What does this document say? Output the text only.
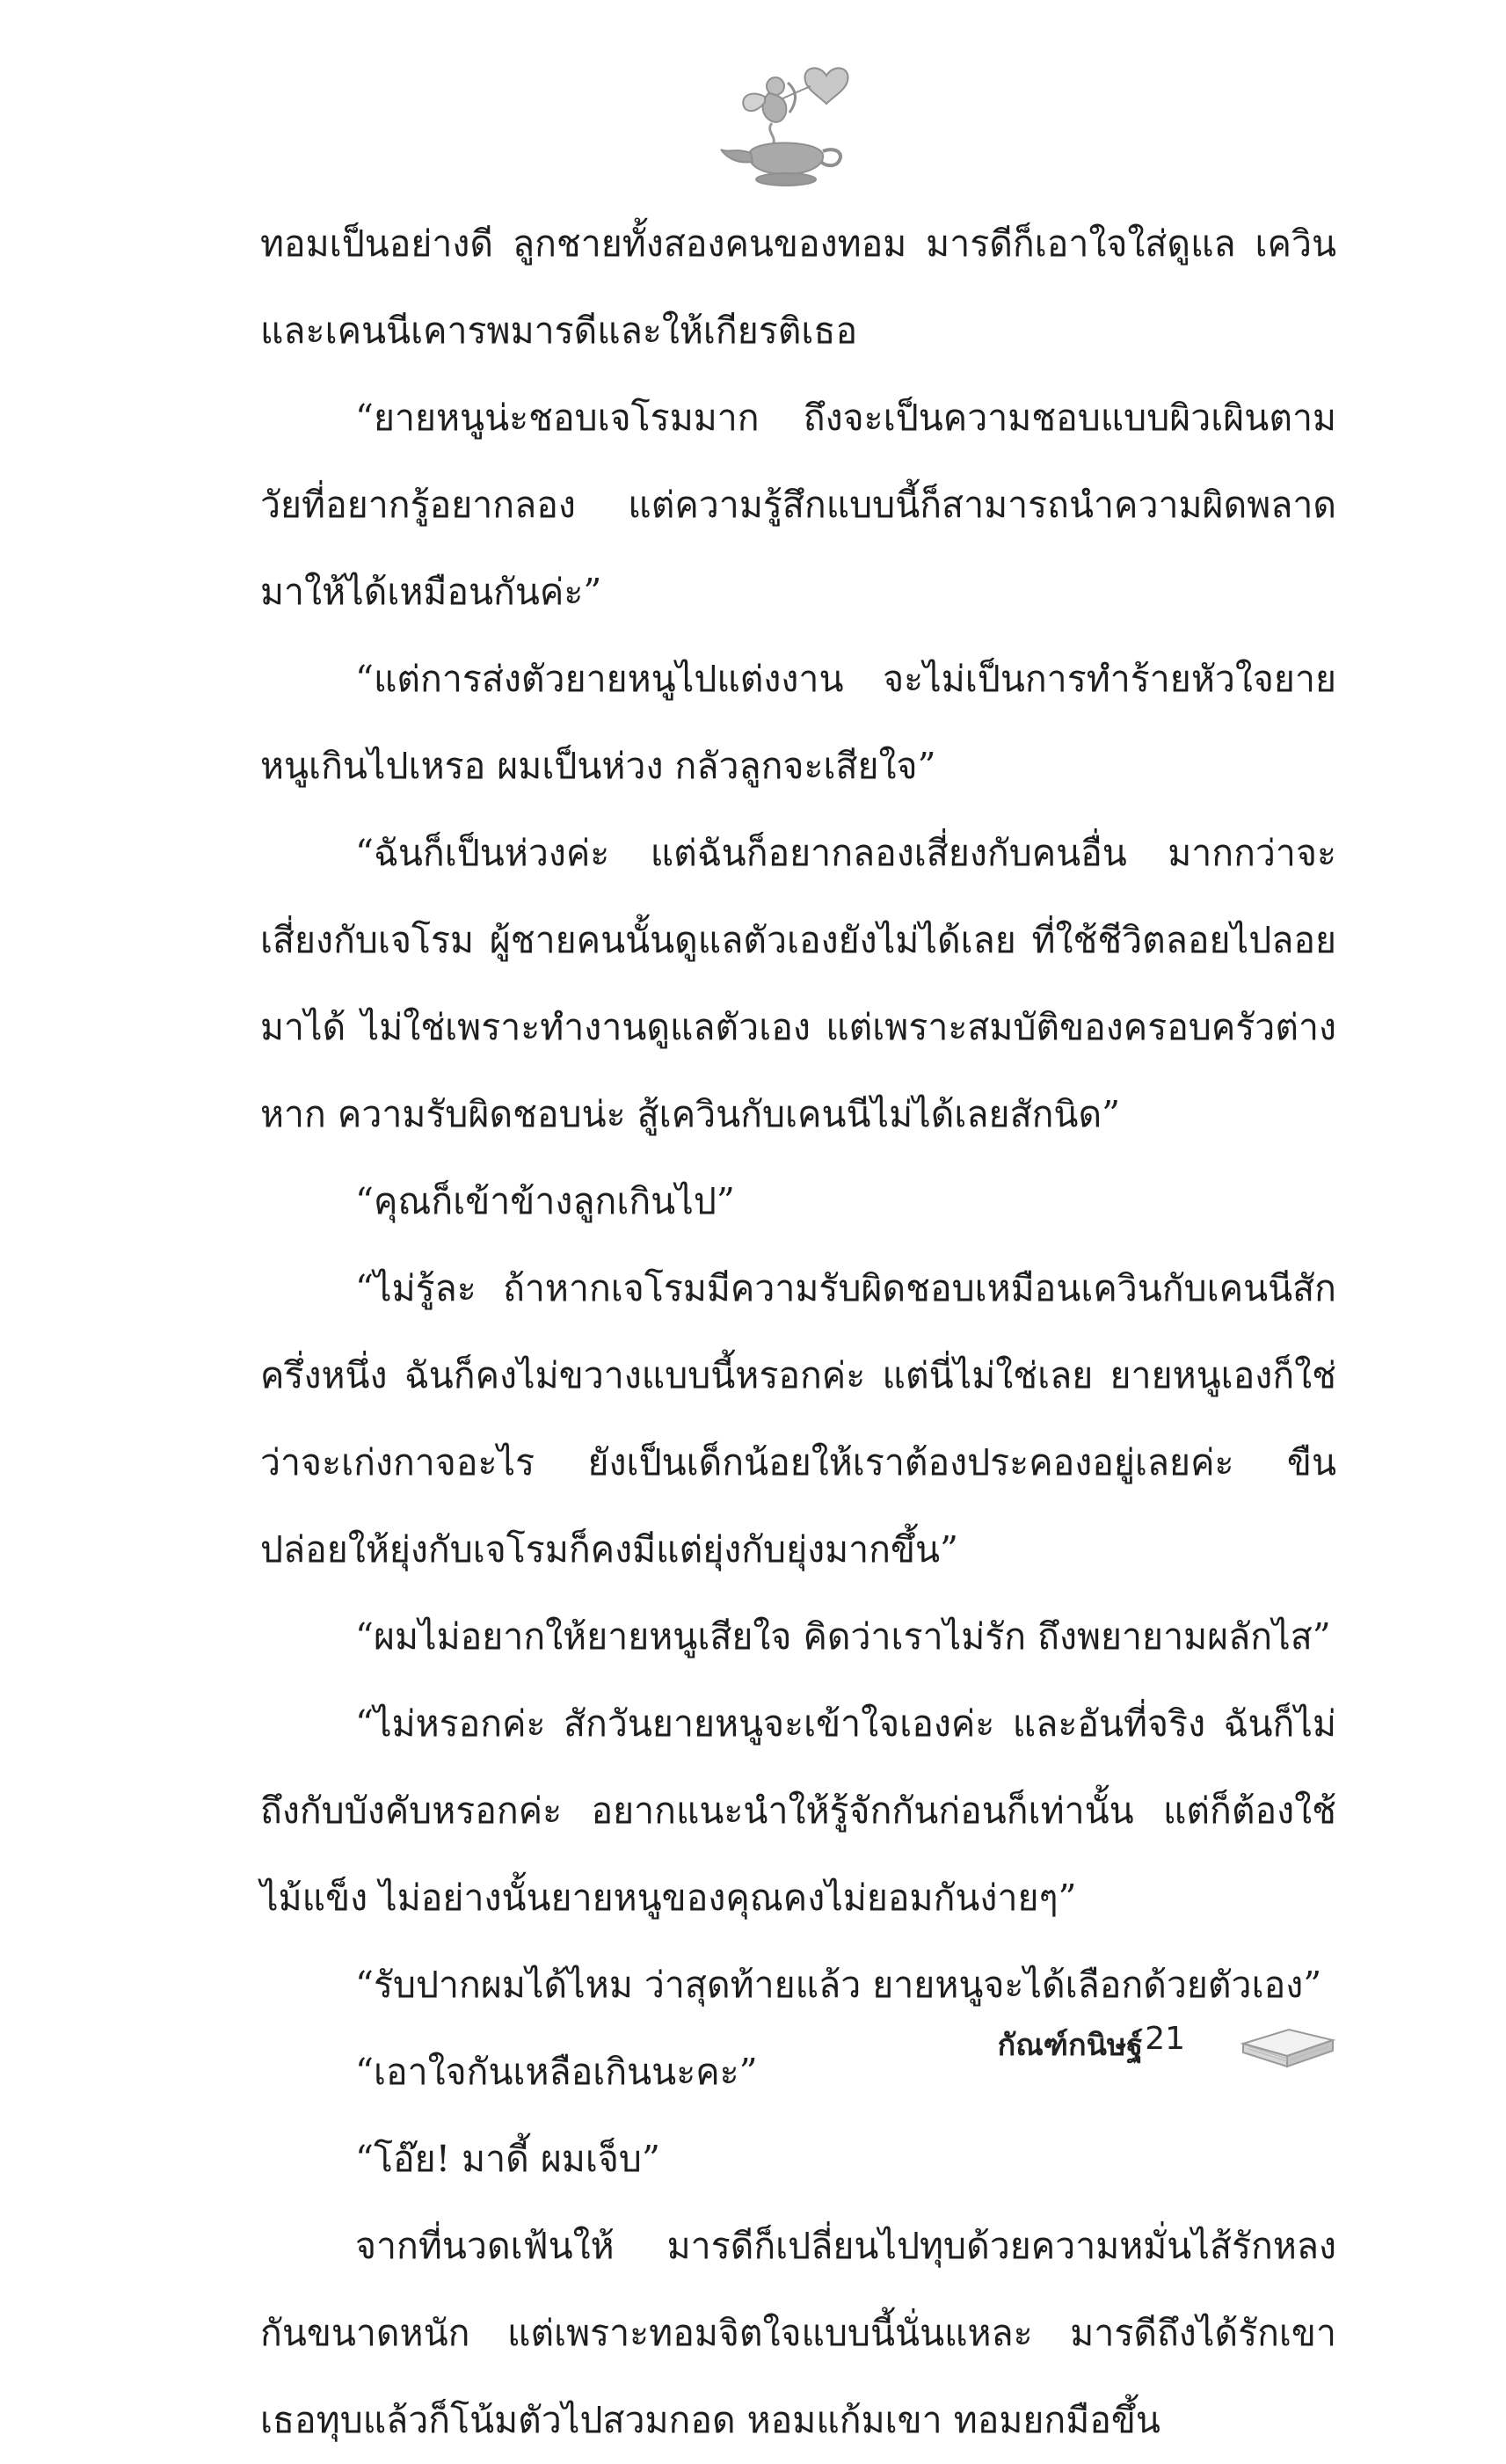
ทอมเป็นอย่างดี ลูกชายทั้งสองคนของทอม มารดีก็เอาใจใส่ดูแล เควินและเคนนีเคารพมารดีและให้เกียรติเธอ

“ยายหนูน่ะชอบเจโรมมาก ถึงจะเป็นความชอบแบบผิวเผินตามวัยที่อยากรู้อยากลอง แต่ความรู้สึกแบบนี้ก็สามารถนำความผิดพลาดมาให้ได้เหมือนกันค่ะ”

“แต่การส่งตัวยายหนูไปแต่งงาน จะไม่เป็นการทำร้ายหัวใจยายหนูเกินไปเหรอ ผมเป็นห่วง กลัวลูกจะเสียใจ”

“ฉันก็เป็นห่วงค่ะ แต่ฉันก็อยากลองเสี่ยงกับคนอื่น มากกว่าจะเสี่ยงกับเจโรม ผู้ชายคนนั้นดูแลตัวเองยังไม่ได้เลย ที่ใช้ชีวิตลอยไปลอยมาได้ ไม่ใช่เพราะทำงานดูแลตัวเอง แต่เพราะสมบัติของครอบครัวต่างหาก ความรับผิดชอบน่ะ สู้เควินกับเคนนีไม่ได้เลยสักนิด”

“คุณก็เข้าข้างลูกเกินไป”

“ไม่รู้ละ ถ้าหากเจโรมมีความรับผิดชอบเหมือนเควินกับเคนนีสักครึ่งหนึ่ง ฉันก็คงไม่ขวางแบบนี้หรอกค่ะ แต่นี่ไม่ใช่เลย ยายหนูเองก็ใช่ว่าจะเก่งกาจอะไร ยังเป็นเด็กน้อยให้เราต้องประคองอยู่เลยค่ะ ขืนปล่อยให้ยุ่งกับเจโรมก็คงมีแต่ยุ่งกับยุ่งมากขึ้น”

“ผมไม่อยากให้ยายหนูเสียใจ คิดว่าเราไม่รัก ถึงพยายามผลักไส”

“ไม่หรอกค่ะ สักวันยายหนูจะเข้าใจเองค่ะ และอันที่จริง ฉันก็ไม่ถึงกับบังคับหรอกค่ะ อยากแนะนำให้รู้จักกันก่อนก็เท่านั้น แต่ก็ต้องใช้ไม้แข็ง ไม่อย่างนั้นยายหนูของคุณคงไม่ยอมกันง่ายๆ”

“รับปากผมได้ไหม ว่าสุดท้ายแล้ว ยายหนูจะได้เลือกด้วยตัวเอง”

“เอาใจกันเหลือเกินนะคะ”

“โอ๊ย! มาดี้ ผมเจ็บ”

จากที่นวดเฟ้นให้ มารดีก็เปลี่ยนไปทุบด้วยความหมั่นไส้รักหลงกันขนาดหนัก แต่เพราะทอมจิตใจแบบนี้นั่นแหละ มารดีถึงได้รักเขา เธอทุบแล้วก็โน้มตัวไปสวมกอด หอมแก้มเขา ทอมยกมือขึ้น

กัณฑ์กนิษฐ์ 21
